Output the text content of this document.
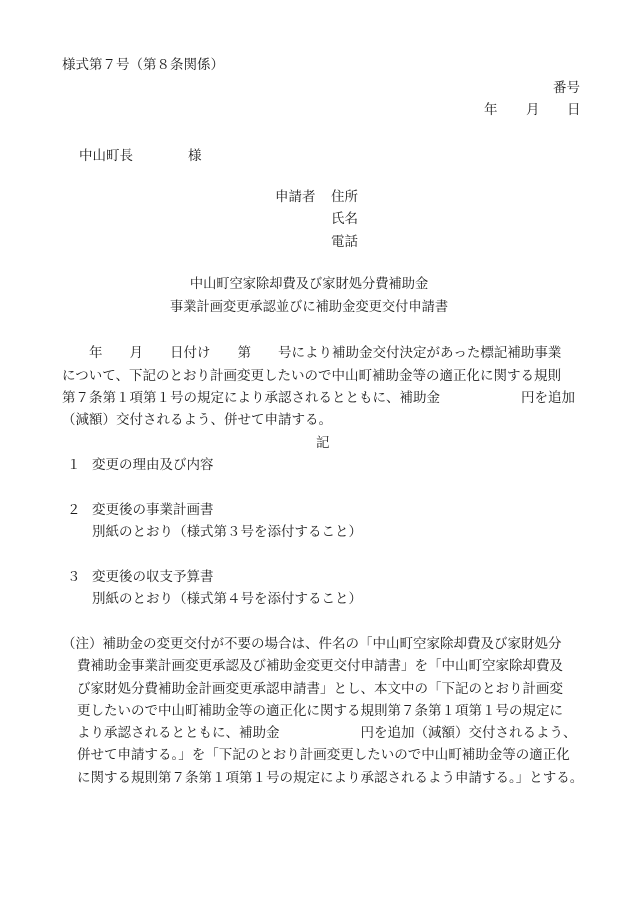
様式第７号（第８条関係）
番号
年 月 日
中山町長	様
申請者 住所
氏名
電話
中山町空家除却費及び家財処分費補助金
事業計画変更承認並びに補助金変更交付申請書
　　年　　月　　日付け　　第　　号により補助金交付決定があった標記補助事業
について、下記のとおり計画変更したいので中山町補助金等の適正化に関する規則
第７条第１項第１号の規定により承認されるとともに、補助金　　　　　　円を追加
（減額）交付されるよう、併せて申請する。
記
１ 変更の理由及び内容
２ 変更後の事業計画書
別紙のとおり（様式第３号を添付すること）
３ 変更後の収支予算書
別紙のとおり（様式第４号を添付すること）
（注）補助金の変更交付が不要の場合は、件名の「中山町空家除却費及び家財処分
費補助金事業計画変更承認及び補助金変更交付申請書」を「中山町空家除却費及
び家財処分費補助金計画変更承認申請書」とし、本文中の「下記のとおり計画変
更したいので中山町補助金等の適正化に関する規則第７条第１項第１号の規定に
より承認されるとともに、補助金　　　　　　円を追加（減額）交付されるよう、
併せて申請する。」を「下記のとおり計画変更したいので中山町補助金等の適正化
に関する規則第７条第１項第１号の規定により承認されるよう申請する。」とする。
